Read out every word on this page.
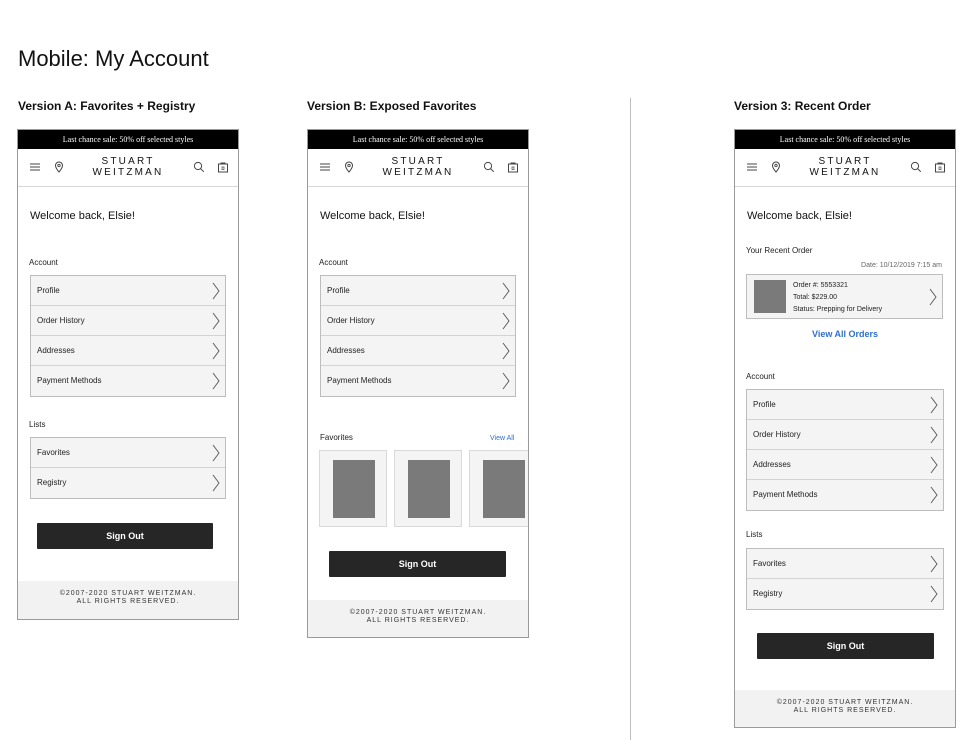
Mobile: My Account
Version A: Favorites + Registry	Version B: Exposed Favorites	Version 3: Recent Order
Last chance sale: 50% off selected styles
STUART
WEITZMAN
Welcome back, Elsie!
Account
Profile
Order History
Addresses
Payment Methods
Lists
Favorites
Registry
Sign Out
©2007-2020 STUART WEITZMAN.
ALL RIGHTS RESERVED.
Last chance sale: 50% off selected styles
STUART
WEITZMAN
Welcome back, Elsie!
Account
Profile
Order History
Addresses
Payment Methods
Favorites	View All
Sign Out
©2007-2020 STUART WEITZMAN.
ALL RIGHTS RESERVED.
Last chance sale: 50% off selected styles
STUART
WEITZMAN
Welcome back, Elsie!
Your Recent Order
Date: 10/12/2019 7:15 am
Order #: 5553321
Total: $229.00
Status: Prepping for Delivery
View All Orders
Account
Profile
Order History
Addresses
Payment Methods
Lists
Favorites
Registry
Sign Out
©2007-2020 STUART WEITZMAN.
ALL RIGHTS RESERVED.
